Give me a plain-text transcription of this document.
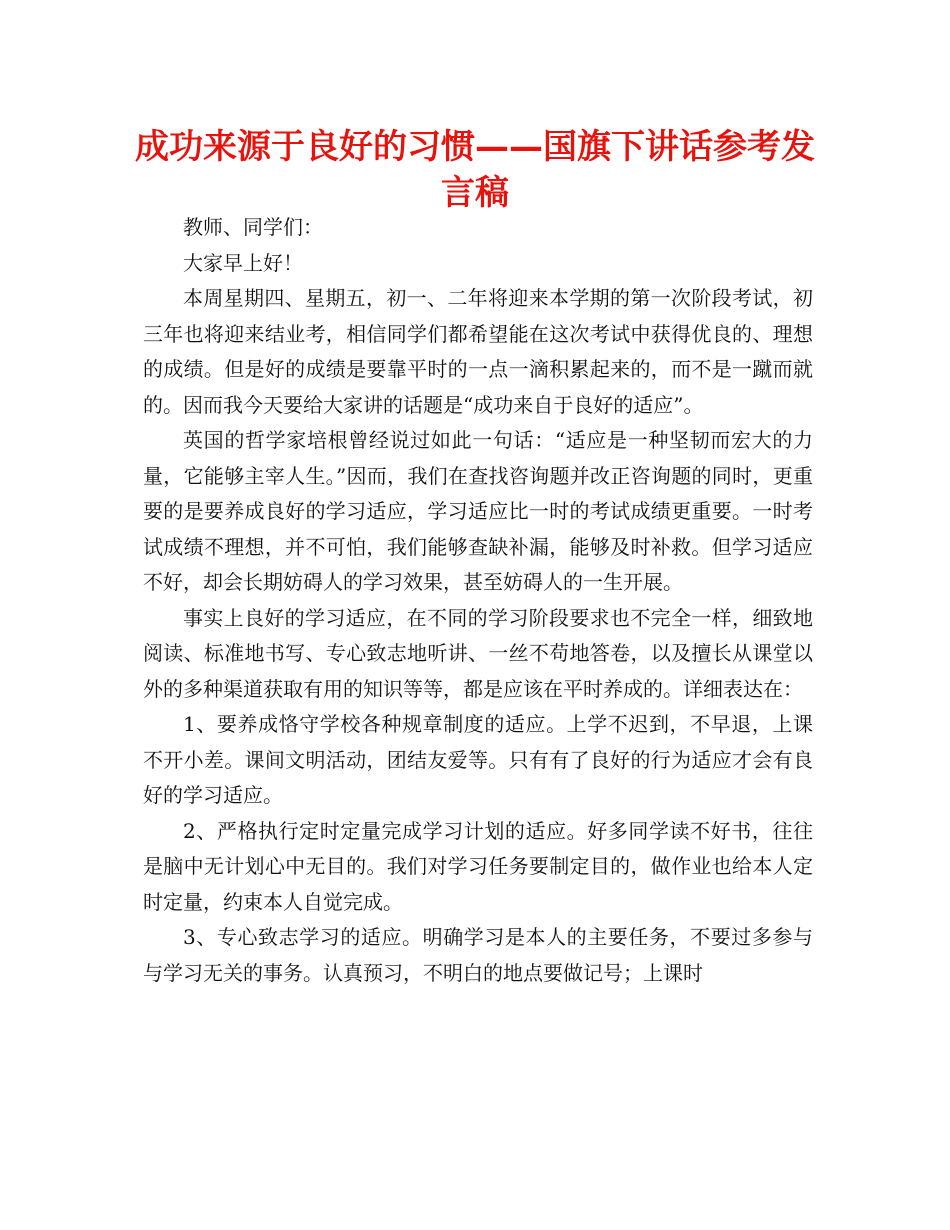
成功来源于良好的习惯——国旗下讲话参考发言稿

教师、同学们：

大家早上好！

本周星期四、星期五，初一、二年将迎来本学期的第一次阶段考试，初三年也将迎来结业考，相信同学们都希望能在这次考试中获得优良的、理想的成绩。但是好的成绩是要靠平时的一点一滴积累起来的，而不是一蹴而就的。因而我今天要给大家讲的话题是“成功来自于良好的适应”。

英国的哲学家培根曾经说过如此一句话：“适应是一种坚韧而宏大的力量，它能够主宰人生。”因而，我们在查找咨询题并改正咨询题的同时，更重要的是要养成良好的学习适应，学习适应比一时的考试成绩更重要。一时考试成绩不理想，并不可怕，我们能够查缺补漏，能够及时补救。但学习适应不好，却会长期妨碍人的学习效果，甚至妨碍人的一生开展。

事实上良好的学习适应，在不同的学习阶段要求也不完全一样，细致地阅读、标准地书写、专心致志地听讲、一丝不苟地答卷，以及擅长从课堂以外的多种渠道获取有用的知识等等，都是应该在平时养成的。详细表达在：

1、要养成恪守学校各种规章制度的适应。上学不迟到，不早退，上课不开小差。课间文明活动，团结友爱等。只有有了良好的行为适应才会有良好的学习适应。

2、严格执行定时定量完成学习计划的适应。好多同学读不好书，往往是脑中无计划心中无目的。我们对学习任务要制定目的，做作业也给本人定时定量，约束本人自觉完成。

3、专心致志学习的适应。明确学习是本人的主要任务，不要过多参与与学习无关的事务。认真预习，不明白的地点要做记号；上课时
